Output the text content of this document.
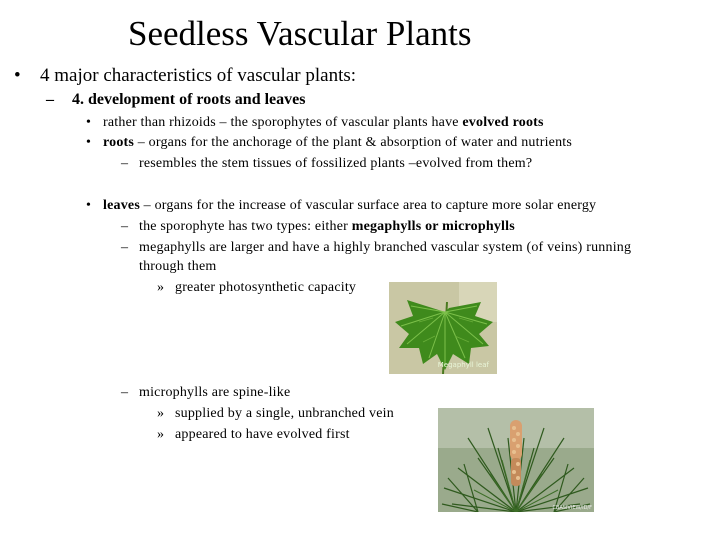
Seedless Vascular Plants
• 4 major characteristics of vascular plants:
– 4. development of roots and leaves
• rather than rhizoids – the sporophytes of vascular plants have evolved roots
• roots – organs for the anchorage of the plant & absorption of water and nutrients
– resembles the stem tissues of fossilized plants –evolved from them?
• leaves – organs for the increase of vascular surface area to capture more solar energy
– the sporophyte has two types: either megaphylls or microphylls
– megaphylls are larger and have a highly branched vascular system (of veins) running
through them
» greater photosynthetic capacity
– microphylls are spine-like
» supplied by a single, unbranched vein
» appeared to have evolved first
Megaphyll leaf
CBASIVIEW/ID/F
